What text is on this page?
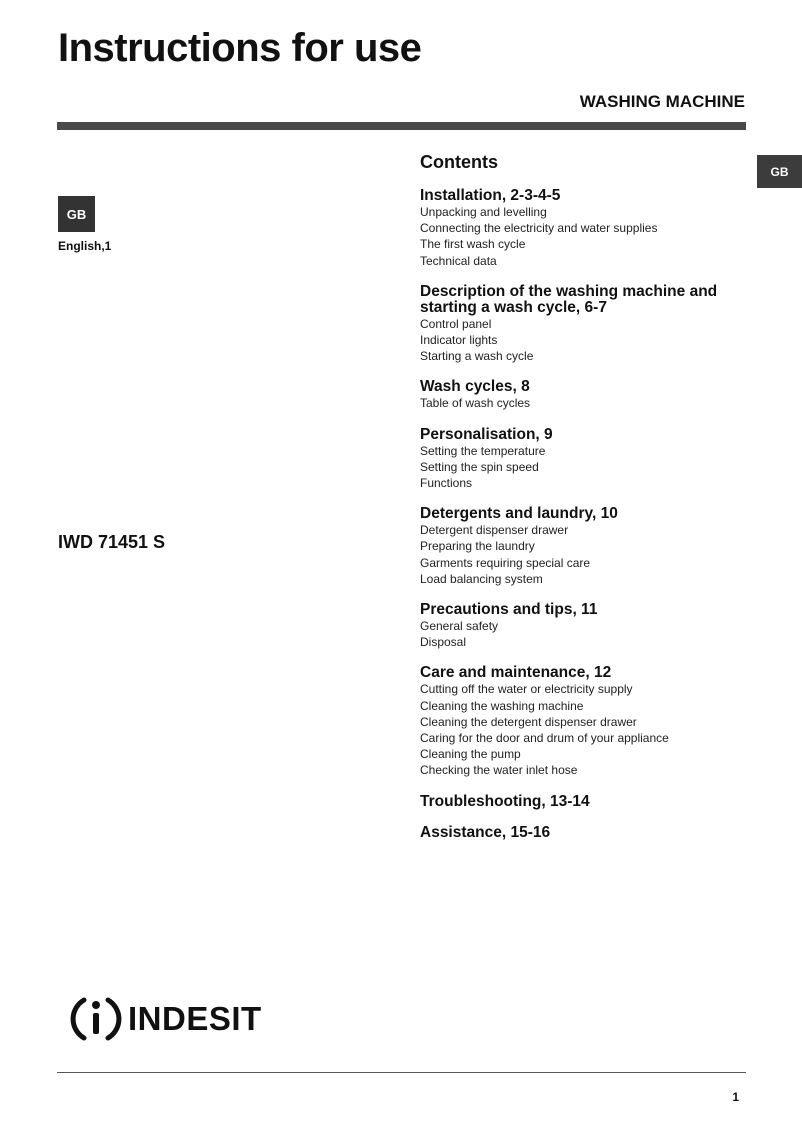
Instructions for use
WASHING MACHINE
GB
GB
English,1
IWD 71451 S
Contents
Installation, 2-3-4-5
Unpacking and levelling
Connecting the electricity and water supplies
The first wash cycle
Technical data
Description of the washing machine and starting a wash cycle, 6-7
Control panel
Indicator lights
Starting a wash cycle
Wash cycles, 8
Table of wash cycles
Personalisation, 9
Setting the temperature
Setting the spin speed
Functions
Detergents and laundry, 10
Detergent dispenser drawer
Preparing the laundry
Garments requiring special care
Load balancing system
Precautions and tips, 11
General safety
Disposal
Care and maintenance, 12
Cutting off the water or electricity supply
Cleaning the washing machine
Cleaning the detergent dispenser drawer
Caring for the door and drum of your appliance
Cleaning the pump
Checking the water inlet hose
Troubleshooting, 13-14
Assistance, 15-16
INDESIT
1
